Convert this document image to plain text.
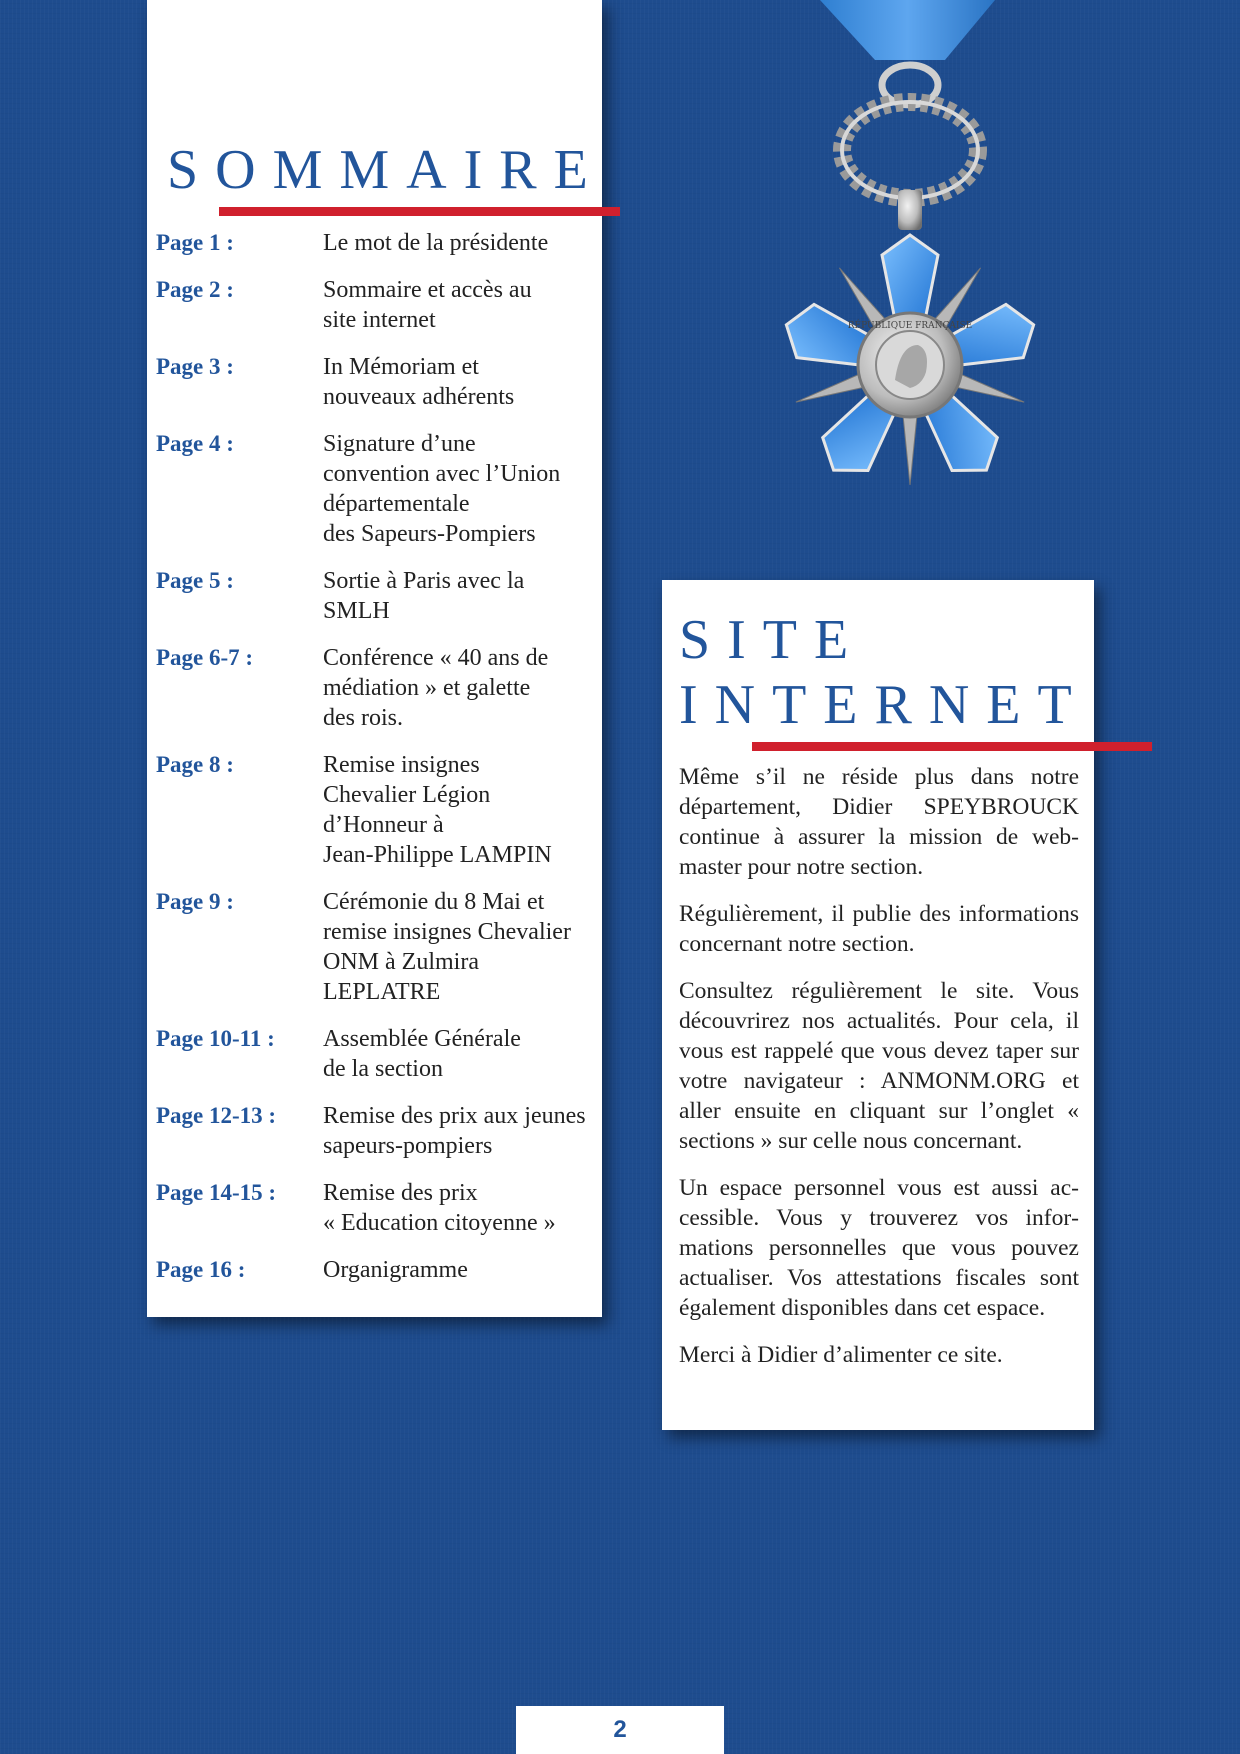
RÉPUBLIQUE FRANÇAISE
SOMMAIRE
Page 1 :	Le mot de la présidente
Page 2 :	Sommaire et accès au
site internet
Page 3 :	In Mémoriam et
nouveaux adhérents
Page 4 :	Signature d’une
convention avec l’Union
départementale
des Sapeurs-Pompiers
Page 5 :	Sortie à Paris avec la
SMLH
Page 6-7 :	Conférence « 40 ans de
médiation » et galette
des rois.
Page 8 :	Remise insignes
Chevalier Légion
d’Honneur à
Jean-Philippe LAMPIN
Page 9 :	Cérémonie du 8 Mai et
remise insignes Chevalier
ONM à Zulmira
LEPLATRE
Page 10-11 :	Assemblée Générale
de la section
Page 12-13 :	Remise des prix aux jeunes
sapeurs-pompiers
Page 14-15 :	Remise des prix
« Education citoyenne »
Page 16 :	Organigramme
SITE
INTERNET

Même s’il ne réside plus dans notre département, Didier SPEYBROUCK continue à assurer la mission de webmaster pour notre section.

Régulièrement, il publie des informations concernant notre section.

Consultez régulièrement le site. Vous découvrirez nos actualités. Pour cela, il vous est rappelé que vous devez taper sur votre navigateur : ANMONM.ORG et aller ensuite en cliquant sur l’onglet « sections » sur celle nous concernant.

Un espace personnel vous est aussi accessible. Vous y trouverez vos informations personnelles que vous pouvez actualiser. Vos attestations fiscales sont également disponibles dans cet espace.

Merci à Didier d’alimenter ce site.

2
